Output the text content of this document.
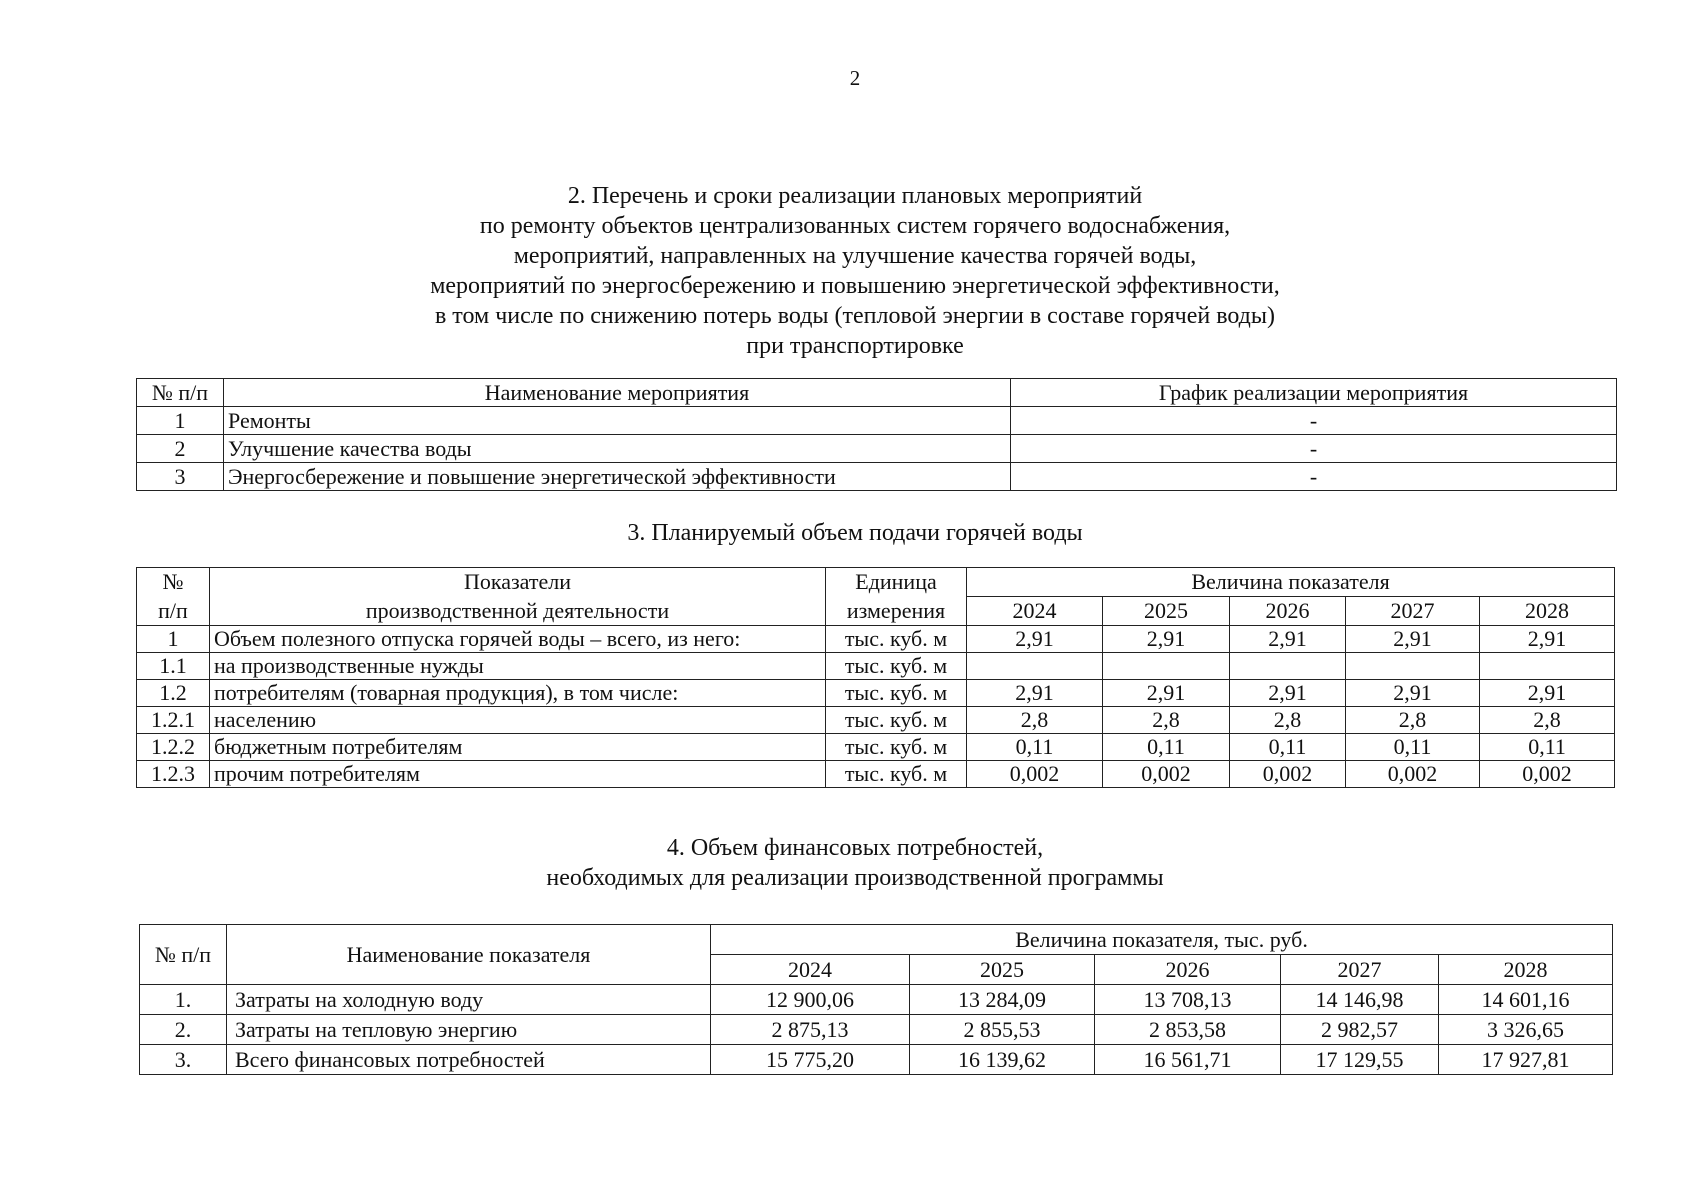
2
2. Перечень и сроки реализации плановых мероприятий
по ремонту объектов централизованных систем горячего водоснабжения,
мероприятий, направленных на улучшение качества горячей воды,
мероприятий по энергосбережению и повышению энергетической эффективности,
в том числе по снижению потерь воды (тепловой энергии в составе горячей воды)
при транспортировке
№ п/п	Наименование мероприятия	График реализации мероприятия
1	Ремонты	-
2	Улучшение качества воды	-
3	Энергосбережение и повышение энергетической эффективности	-
3. Планируемый объем подачи горячей воды
№	Показатели	Единица	Величина показателя				
п/п	производственной деятельности	измерения	2024	2025	2026	2027	2028
1	Объем полезного отпуска горячей воды – всего, из него:	тыс. куб. м	2,91	2,91	2,91	2,91	2,91
1.1	на производственные нужды	тыс. куб. м					
1.2	потребителям (товарная продукция), в том числе:	тыс. куб. м	2,91	2,91	2,91	2,91	2,91
1.2.1	населению	тыс. куб. м	2,8	2,8	2,8	2,8	2,8
1.2.2	бюджетным потребителям	тыс. куб. м	0,11	0,11	0,11	0,11	0,11
1.2.3	прочим потребителям	тыс. куб. м	0,002	0,002	0,002	0,002	0,002
4. Объем финансовых потребностей,
необходимых для реализации производственной программы
№ п/п	Наименование показателя	Величина показателя, тыс. руб.				
		2024	2025	2026	2027	2028
1.	Затраты на холодную воду	12 900,06	13 284,09	13 708,13	14 146,98	14 601,16
2.	Затраты на тепловую энергию	2 875,13	2 855,53	2 853,58	2 982,57	3 326,65
3.	Всего финансовых потребностей	15 775,20	16 139,62	16 561,71	17 129,55	17 927,81
